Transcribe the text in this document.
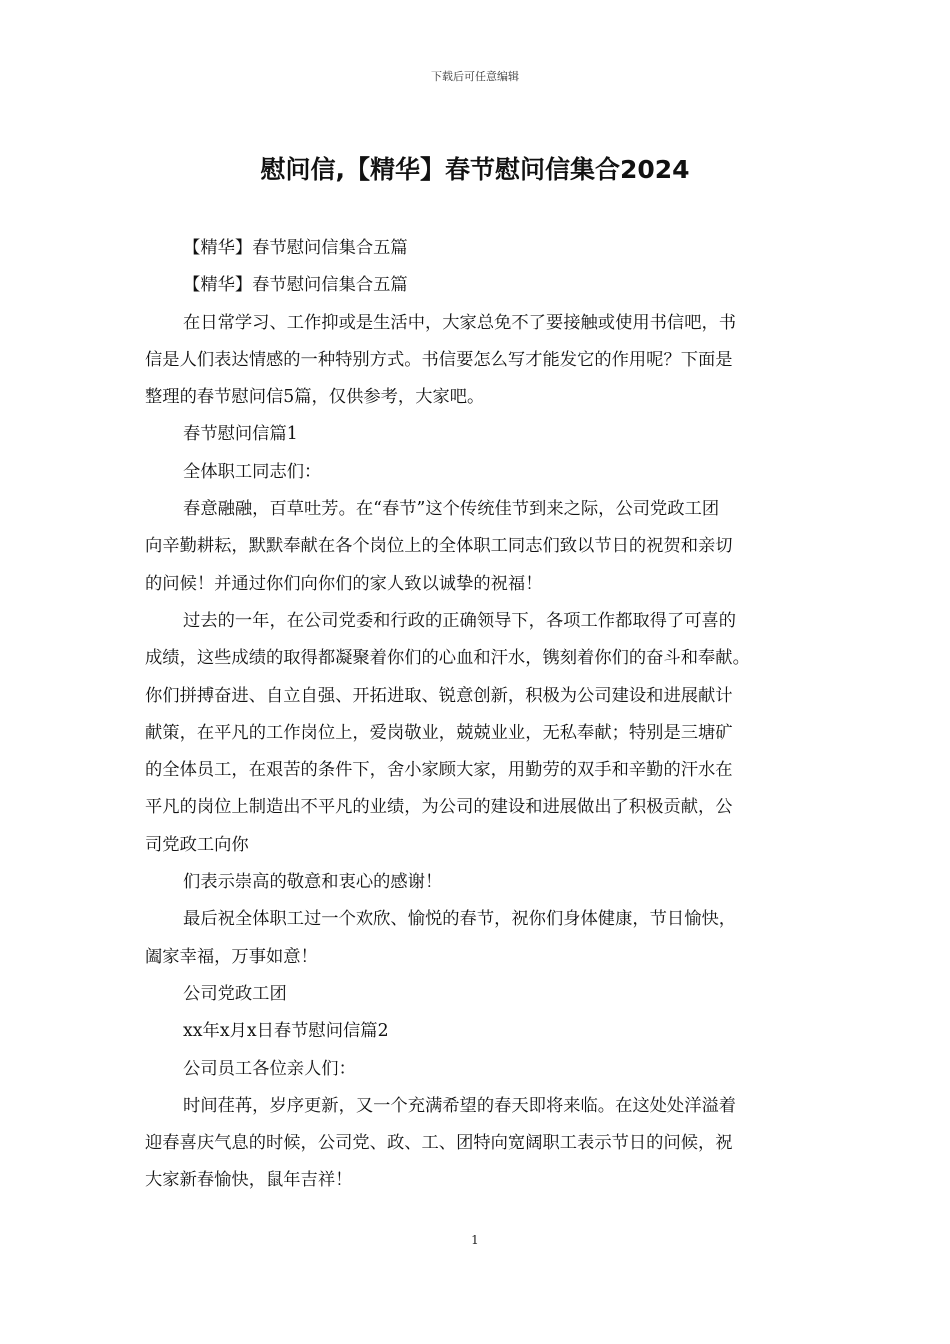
下载后可任意编辑
慰问信,【精华】春节慰问信集合2024

【精华】春节慰问信集合五篇

【精华】春节慰问信集合五篇

在日常学习、工作抑或是生活中，大家总免不了要接触或使用书信吧，书
信是人们表达情感的一种特别方式。书信要怎么写才能发它的作用呢？下面是
整理的春节慰问信5篇，仅供参考，大家吧。

春节慰问信篇1

全体职工同志们：

春意融融，百草吐芳。在“春节”这个传统佳节到来之际，公司党政工团
向辛勤耕耘，默默奉献在各个岗位上的全体职工同志们致以节日的祝贺和亲切
的问候！并通过你们向你们的家人致以诚挚的祝福！

过去的一年，在公司党委和行政的正确领导下，各项工作都取得了可喜的
成绩，这些成绩的取得都凝聚着你们的心血和汗水，镌刻着你们的奋斗和奉献。
你们拼搏奋进、自立自强、开拓进取、锐意创新，积极为公司建设和进展献计
献策，在平凡的工作岗位上，爱岗敬业，兢兢业业，无私奉献；特别是三塘矿
的全体员工，在艰苦的条件下，舍小家顾大家，用勤劳的双手和辛勤的汗水在
平凡的岗位上制造出不平凡的业绩，为公司的建设和进展做出了积极贡献，公
司党政工向你

们表示崇高的敬意和衷心的感谢！

最后祝全体职工过一个欢欣、愉悦的春节，祝你们身体健康，节日愉快，
阖家幸福，万事如意！

公司党政工团

xx年x月x日春节慰问信篇2

公司员工各位亲人们：

时间荏苒，岁序更新，又一个充满希望的春天即将来临。在这处处洋溢着
迎春喜庆气息的时候，公司党、政、工、团特向宽阔职工表示节日的问候，祝
大家新春愉快，鼠年吉祥！

1
